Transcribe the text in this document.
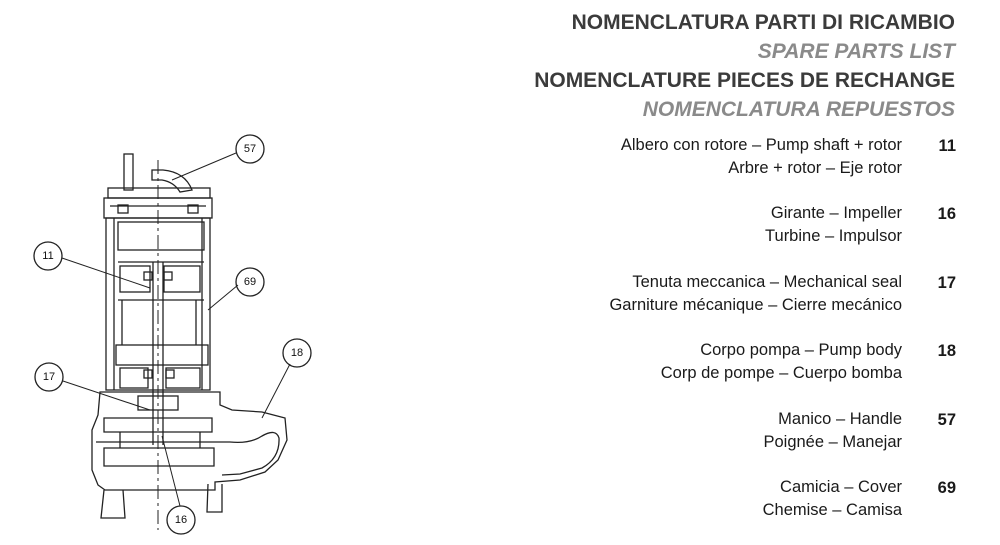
57
11
69
18
17
16
NOMENCLATURA PARTI DI RICAMBIO
SPARE PARTS LIST
NOMENCLATURE PIECES DE RECHANGE
NOMENCLATURA REPUESTOS
Albero con rotore – Pump shaft + rotor
Arbre + rotor – Eje rotor
11
Girante – Impeller
Turbine – Impulsor
16
Tenuta meccanica – Mechanical seal
Garniture mécanique – Cierre mecánico
17
Corpo pompa – Pump body
Corp de pompe – Cuerpo bomba
18
Manico – Handle
Poignée – Manejar
57
Camicia – Cover
Chemise – Camisa
69
